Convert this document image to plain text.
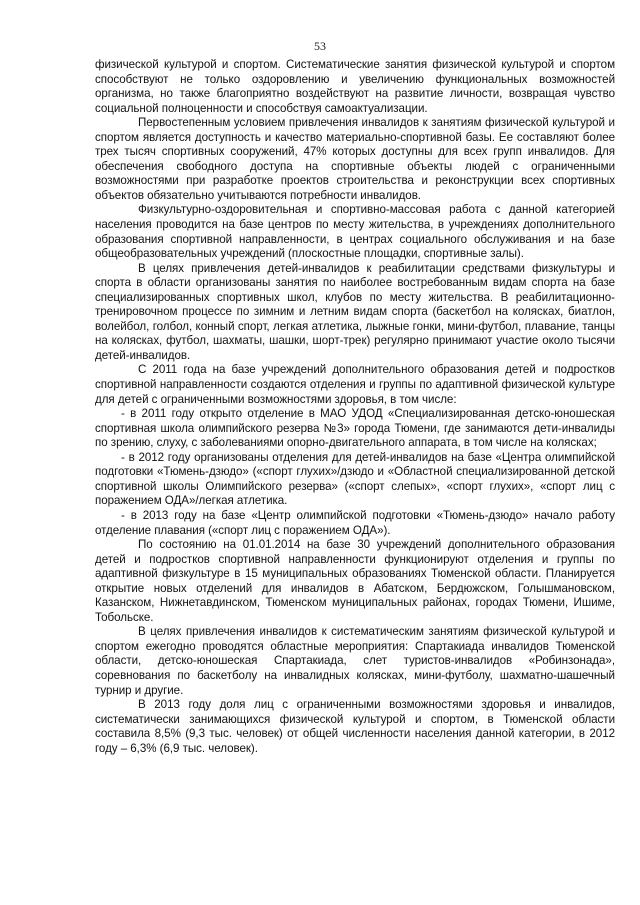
53

физической культурой и спортом. Систематические занятия физической культурой и спортом способствуют не только оздоровлению и увеличению функциональных возможностей организма, но также благоприятно воздействуют на развитие личности, возвращая чувство социальной полноценности и способствуя самоактуализации.

Первостепенным условием привлечения инвалидов к занятиям физической культурой и спортом является доступность и качество материально-спортивной базы. Ее составляют более трех тысяч спортивных сооружений, 47% которых доступны для всех групп инвалидов. Для обеспечения свободного доступа на спортивные объекты людей с ограниченными возможностями при разработке проектов строительства и реконструкции всех спортивных объектов обязательно учитываются потребности инвалидов.

Физкультурно-оздоровительная и спортивно-массовая работа с данной категорией населения проводится на базе центров по месту жительства, в учреждениях дополнительного образования спортивной направленности, в центрах социального обслуживания и на базе общеобразовательных учреждений (плоскостные площадки, спортивные залы).

В целях привлечения детей-инвалидов к реабилитации средствами физкультуры и спорта в области организованы занятия по наиболее востребованным видам спорта на базе специализированных спортивных школ, клубов по месту жительства. В реабилитационно-тренировочном процессе по зимним и летним видам спорта (баскетбол на колясках, биатлон, волейбол, голбол, конный спорт, легкая атлетика, лыжные гонки, мини-футбол, плавание, танцы на колясках, футбол, шахматы, шашки, шорт-трек) регулярно принимают участие около тысячи детей-инвалидов.

С 2011 года на базе учреждений дополнительного образования детей и подростков спортивной направленности создаются отделения и группы по адаптивной физической культуре для детей с ограниченными возможностями здоровья, в том числе:

- в 2011 году открыто отделение в МАО УДОД «Специализированная детско-юношеская спортивная школа олимпийского резерва №3» города Тюмени, где занимаются дети-инвалиды по зрению, слуху, с заболеваниями опорно-двигательного аппарата, в том числе на колясках;

- в 2012 году организованы отделения для детей-инвалидов на базе «Центра олимпийской подготовки «Тюмень-дзюдо» («спорт глухих»/дзюдо и «Областной специализированной детской спортивной школы Олимпийского резерва» («спорт слепых», «спорт глухих», «спорт лиц с поражением ОДА»/легкая атлетика.

- в 2013 году на базе «Центр олимпийской подготовки «Тюмень-дзюдо» начало работу отделение плавания («спорт лиц с поражением ОДА»).

По состоянию на 01.01.2014 на базе 30 учреждений дополнительного образования детей и подростков спортивной направленности функционируют отделения и группы по адаптивной физкультуре в 15 муниципальных образованиях Тюменской области. Планируется открытие новых отделений для инвалидов в Абатском, Бердюжском, Голышмановском, Казанском, Нижнетавдинском, Тюменском муниципальных районах, городах Тюмени, Ишиме, Тобольске.

В целях привлечения инвалидов к систематическим занятиям физической культурой и спортом ежегодно проводятся областные мероприятия: Спартакиада инвалидов Тюменской области, детско-юношеская Спартакиада, слет туристов-инвалидов «Робинзонада», соревнования по баскетболу на инвалидных колясках, мини-футболу, шахматно-шашечный турнир и другие.

В 2013 году доля лиц с ограниченными возможностями здоровья и инвалидов, систематически занимающихся физической культурой и спортом, в Тюменской области составила 8,5% (9,3 тыс. человек) от общей численности населения данной категории, в 2012 году – 6,3% (6,9 тыс. человек).
